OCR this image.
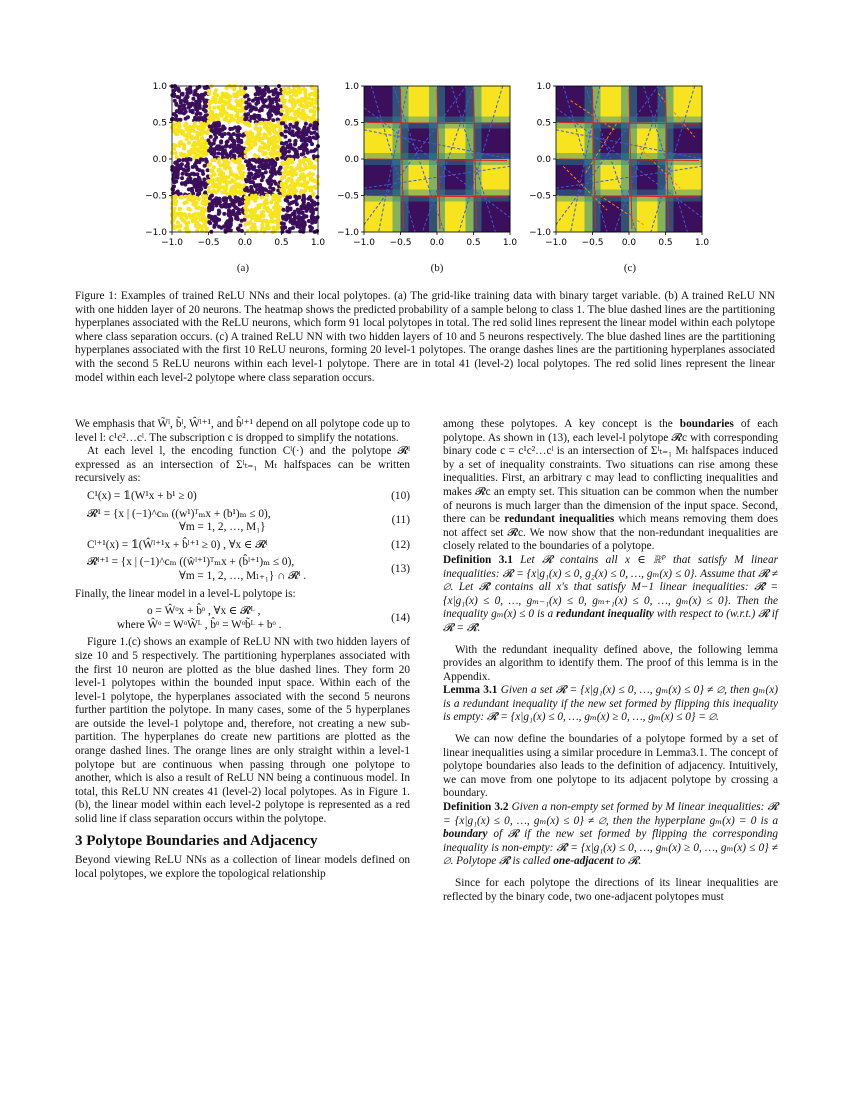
1.0
0.5
0.0
−0.5
−1.0
−1.0 −0.5 0.0 0.5 1.0
1.0
0.5
0.0
−0.5
−1.0
−1.0 −0.5 0.0 0.5 1.0
1.0
0.5
0.0
−0.5
−1.0
−1.0 −0.5 0.0 0.5 1.0
(a)	(b)	(c)
Figure 1: Examples of trained ReLU NNs and their local polytopes. (a) The grid-like training data with binary target variable. (b) A trained ReLU NN with one hidden layer of 20 neurons. The heatmap shows the predicted probability of a sample belong to class 1. The blue dashed lines are the partitioning hyperplanes associated with the ReLU neurons, which form 91 local polytopes in total. The red solid lines represent the linear model within each polytope where class separation occurs. (c) A trained ReLU NN with two hidden layers of 10 and 5 neurons respectively. The blue dashed lines are the partitioning hyperplanes associated with the first 10 ReLU neurons, forming 20 level-1 polytopes. The orange dashes lines are the partitioning hyperplanes associated with the second 5 ReLU neurons within each level-1 polytope. There are in total 41 (level-2) local polytopes. The red solid lines represent the linear model within each level-2 polytope where class separation occurs.

We emphasis that W̃ˡ, b̃ˡ, Ŵˡ⁺¹, and b̂ˡ⁺¹ depend on all polytope code up to level l: c¹c²…cˡ. The subscription c is dropped to simplify the notations.

At each level l, the encoding function Cˡ(·) and the polytope 𝓡ˡ expressed as an intersection of Σˡₜ₌₁ Mₜ halfspaces can be written recursively as:

C¹(x) = 𝟙(W¹x + b¹ ≥ 0)	(10)
𝓡¹ = {x | (−1)^cₘ ((w¹)ᵀₘx + (b¹)ₘ ≤ 0),
∀m = 1, 2, …, M₁}
(11)
Cˡ⁺¹(x) = 𝟙(Ŵˡ⁺¹x + b̂ˡ⁺¹ ≥ 0) , ∀x ∈ 𝓡ˡ	(12)
𝓡ˡ⁺¹ = {x | (−1)^cₘ ((ŵˡ⁺¹)ᵀₘx + (b̂ˡ⁺¹)ₘ ≤ 0),
∀m = 1, 2, …, Mₗ₊₁} ∩ 𝓡ˡ .
(13)

Finally, the linear model in a level-L polytope is:

o = Ŵᵒx + b̂ᵒ , ∀x ∈ 𝓡ᴸ ,
where Ŵᵒ = WᵒW̃ᴸ , b̂ᵒ = Wᵒb̃ᴸ + bᵒ .
(14)

Figure 1.(c) shows an example of ReLU NN with two hidden layers of size 10 and 5 respectively. The partitioning hyperplanes associated with the first 10 neuron are plotted as the blue dashed lines. They form 20 level-1 polytopes within the bounded input space. Within each of the level-1 polytope, the hyperplanes associated with the second 5 neurons further partition the polytope. In many cases, some of the 5 hyperplanes are outside the level-1 polytope and, therefore, not creating a new sub-partition. The hyperplanes do create new partitions are plotted as the orange dashed lines. The orange lines are only straight within a level-1 polytope but are continuous when passing through one polytope to another, which is also a result of ReLU NN being a continuous model. In total, this ReLU NN creates 41 (level-2) local polytopes. As in Figure 1.(b), the linear model within each level-2 polytope is represented as a red solid line if class separation occurs within the polytope.

3 Polytope Boundaries and Adjacency

Beyond viewing ReLU NNs as a collection of linear models defined on local polytopes, we explore the topological relationship

among these polytopes. A key concept is the boundaries of each polytope. As shown in (13), each level-l polytope 𝓡c with corresponding binary code c = c¹c²…cˡ is an intersection of Σˡₜ₌₁ Mₜ halfspaces induced by a set of inequality constraints. Two situations can rise among these inequalities. First, an arbitrary c may lead to conflicting inequalities and makes 𝓡c an empty set. This situation can be common when the number of neurons is much larger than the dimension of the input space. Second, there can be redundant inequalities which means removing them does not affect set 𝓡c. We now show that the non-redundant inequalities are closely related to the boundaries of a polytope.

Definition 3.1 Let 𝓡 contains all x ∈ ℝᴾ that satisfy M linear inequalities: 𝓡 = {x|g₁(x) ≤ 0, g₂(x) ≤ 0, …, gₘ(x) ≤ 0}. Assume that 𝓡 ≠ ∅. Let 𝓡̃ contains all x's that satisfy M−1 linear inequalities: 𝓡̃ = {x|g₁(x) ≤ 0, …, gₘ₋₁(x) ≤ 0, gₘ₊₁(x) ≤ 0, …, gₘ(x) ≤ 0}. Then the inequality gₘ(x) ≤ 0 is a redundant inequality with respect to (w.r.t.) 𝓡 if 𝓡 = 𝓡̃.

With the redundant inequality defined above, the following lemma provides an algorithm to identify them. The proof of this lemma is in the Appendix.

Lemma 3.1 Given a set 𝓡 = {x|g₁(x) ≤ 0, …, gₘ(x) ≤ 0} ≠ ∅, then gₘ(x) is a redundant inequality if the new set formed by flipping this inequality is empty: 𝓡̂ = {x|g₁(x) ≤ 0, …, gₘ(x) ≥ 0, …, gₘ(x) ≤ 0} = ∅.

We can now define the boundaries of a polytope formed by a set of linear inequalities using a similar procedure in Lemma3.1. The concept of polytope boundaries also leads to the definition of adjacency. Intuitively, we can move from one polytope to its adjacent polytope by crossing a boundary.

Definition 3.2 Given a non-empty set formed by M linear inequalities: 𝓡 = {x|g₁(x) ≤ 0, …, gₘ(x) ≤ 0} ≠ ∅, then the hyperplane gₘ(x) = 0 is a boundary of 𝓡 if the new set formed by flipping the corresponding inequality is non-empty: 𝓡̂ = {x|g₁(x) ≤ 0, …, gₘ(x) ≥ 0, …, gₘ(x) ≤ 0} ≠ ∅. Polytope 𝓡̂ is called one-adjacent to 𝓡.

Since for each polytope the directions of its linear inequalities are reflected by the binary code, two one-adjacent polytopes must
